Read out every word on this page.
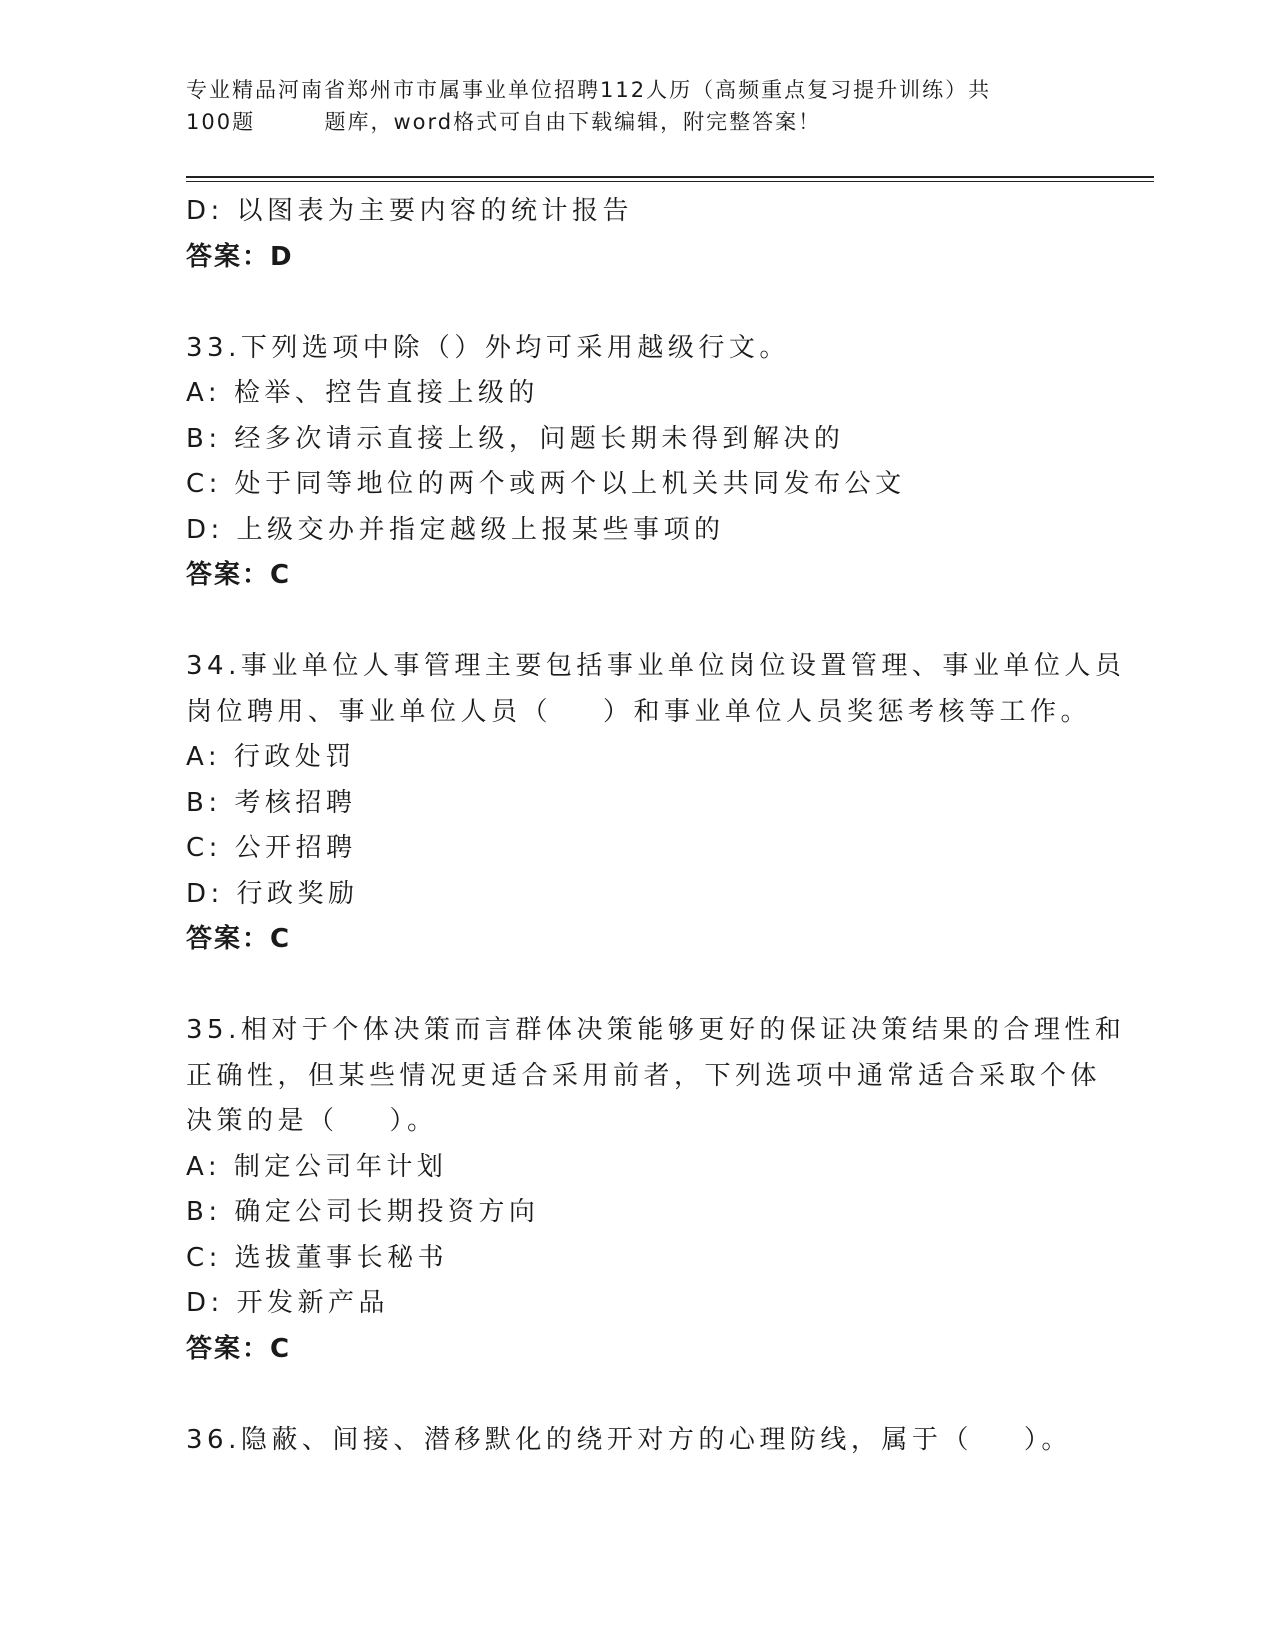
专业精品河南省郑州市市属事业单位招聘112人历（高频重点复习提升训练）共
100题        题库，word格式可自由下载编辑，附完整答案！
D: 以图表为主要内容的统计报告
答案：D
33.下列选项中除（）外均可采用越级行文。
A: 检举、控告直接上级的
B: 经多次请示直接上级，问题长期未得到解决的
C: 处于同等地位的两个或两个以上机关共同发布公文
D: 上级交办并指定越级上报某些事项的
答案：C
34.事业单位人事管理主要包括事业单位岗位设置管理、事业单位人员
岗位聘用、事业单位人员（    ）和事业单位人员奖惩考核等工作。
A: 行政处罚
B: 考核招聘
C: 公开招聘
D: 行政奖励
答案：C
35.相对于个体决策而言群体决策能够更好的保证决策结果的合理性和
正确性，但某些情况更适合采用前者，下列选项中通常适合采取个体
决策的是（    ）。
A: 制定公司年计划
B: 确定公司长期投资方向
C: 选拔董事长秘书
D: 开发新产品
答案：C
36.隐蔽、间接、潜移默化的绕开对方的心理防线，属于（    ）。
